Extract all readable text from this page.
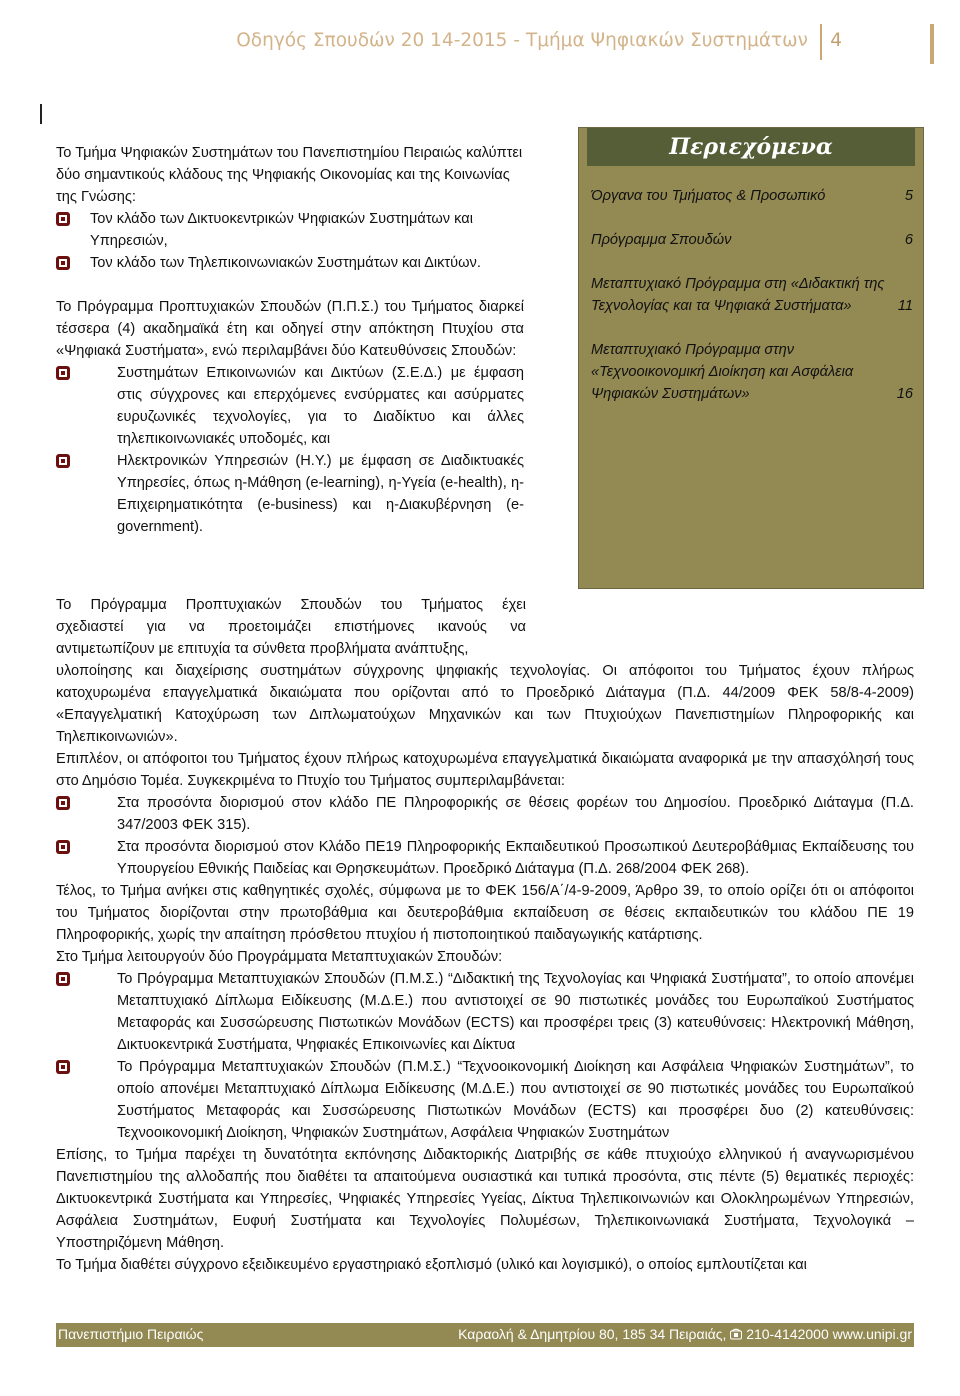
Οδηγός Σπουδών 20 14-2015 - Τμήμα Ψηφιακών Συστημάτων 4

Το Τμήμα Ψηφιακών Συστημάτων του Πανεπιστημίου Πειραιώς καλύπτει δύο σημαντικούς κλάδους της Ψηφιακής Οικονομίας και της Κοινωνίας της Γνώσης:

Τον κλάδο των Δικτυοκεντρικών Ψηφιακών Συστημάτων και Υπηρεσιών,
Τον κλάδο των Τηλεπικοινωνιακών Συστημάτων και Δικτύων.

Το Πρόγραμμα Προπτυχιακών Σπουδών (Π.Π.Σ.) του Τμήματος διαρκεί τέσσερα (4) ακαδημαϊκά έτη και οδηγεί στην απόκτηση Πτυχίου στα «Ψηφιακά Συστήματα», ενώ περιλαμβάνει δύο Κατευθύνσεις Σπουδών:

Συστημάτων Επικοινωνιών και Δικτύων (Σ.Ε.Δ.) με έμφαση στις σύγχρονες και επερχόμενες ενσύρματες και ασύρματες ευρυζωνικές τεχνολογίες, για το Διαδίκτυο και άλλες τηλεπικοινωνιακές υποδομές, και

Ηλεκτρονικών Υπηρεσιών (Η.Υ.) με έμφαση σε Διαδικτυακές Υπηρεσίες, όπως η-Μάθηση (e-learning), η-Υγεία (e-health), η-Επιχειρηματικότητα (e-business) και η-Διακυβέρνηση (e-government).

Το Πρόγραμμα Προπτυχιακών Σπουδών του Τμήματος έχει

σχεδιαστεί για να προετοιμάζει επιστήμονες ικανούς να

αντιμετωπίζουν με επιτυχία τα σύνθετα προβλήματα ανάπτυξης,

υλοποίησης και διαχείρισης συστημάτων σύγχρονης ψηφιακής τεχνολογίας. Οι απόφοιτοι του Τμήματος έχουν πλήρως κατοχυρωμένα επαγγελματικά δικαιώματα που ορίζονται από το Προεδρικό Διάταγμα (Π.Δ. 44/2009 ΦΕΚ 58/8-4-2009) «Επαγγελματική Κατοχύρωση των Διπλωματούχων Μηχανικών και των Πτυχιούχων Πανεπιστημίων Πληροφορικής και Τηλεπικοινωνιών».

Επιπλέον, οι απόφοιτοι του Τμήματος έχουν πλήρως κατοχυρωμένα επαγγελματικά δικαιώματα αναφορικά με την απασχόλησή τους στο Δημόσιο Τομέα. Συγκεκριμένα το Πτυχίο του Τμήματος συμπεριλαμβάνεται:

Στα προσόντα διορισμού στον κλάδο ΠΕ Πληροφορικής σε θέσεις φορέων του Δημοσίου. Προεδρικό Διάταγμα (Π.Δ. 347/2003 ΦΕΚ 315).

Στα προσόντα διορισμού στον Κλάδο ΠΕ19 Πληροφορικής Εκπαιδευτικού Προσωπικού Δευτεροβάθμιας Εκπαίδευσης του Υπουργείου Εθνικής Παιδείας και Θρησκευμάτων. Προεδρικό Διάταγμα (Π.Δ. 268/2004 ΦΕΚ 268).

Τέλος, το Τμήμα ανήκει στις καθηγητικές σχολές, σύμφωνα με το ΦΕΚ 156/Α΄/4-9-2009, Άρθρο 39, το οποίο ορίζει ότι οι απόφοιτοι του Τμήματος διορίζονται στην πρωτοβάθμια και δευτεροβάθμια εκπαίδευση σε θέσεις εκπαιδευτικών του κλάδου ΠΕ 19 Πληροφορικής, χωρίς την απαίτηση πρόσθετου πτυχίου ή πιστοποιητικού παιδαγωγικής κατάρτισης.

Στο Τμήμα λειτουργούν δύο Προγράμματα Μεταπτυχιακών Σπουδών:

Το Πρόγραμμα Μεταπτυχιακών Σπουδών (Π.Μ.Σ.) “Διδακτική της Τεχνολογίας και Ψηφιακά Συστήματα”, το οποίο απονέμει Μεταπτυχιακό Δίπλωμα Ειδίκευσης (Μ.Δ.Ε.) που αντιστοιχεί σε 90 πιστωτικές μονάδες του Ευρωπαϊκού Συστήματος Μεταφοράς και Συσσώρευσης Πιστωτικών Μονάδων (ECTS) και προσφέρει τρεις (3) κατευθύνσεις: Ηλεκτρονική Μάθηση, Δικτυοκεντρικά Συστήματα, Ψηφιακές Επικοινωνίες και Δίκτυα

Το Πρόγραμμα Μεταπτυχιακών Σπουδών (Π.Μ.Σ.) “Τεχνοοικονομική Διοίκηση και Ασφάλεια Ψηφιακών Συστημάτων”, το οποίο απονέμει Μεταπτυχιακό Δίπλωμα Ειδίκευσης (Μ.Δ.Ε.) που αντιστοιχεί σε 90 πιστωτικές μονάδες του Ευρωπαϊκού Συστήματος Μεταφοράς και Συσσώρευσης Πιστωτικών Μονάδων (ECTS) και προσφέρει δυο (2) κατευθύνσεις: Τεχνοοικονομική Διοίκηση, Ψηφιακών Συστημάτων, Ασφάλεια Ψηφιακών Συστημάτων

Επίσης, το Τμήμα παρέχει τη δυνατότητα εκπόνησης Διδακτορικής Διατριβής σε κάθε πτυχιούχο ελληνικού ή αναγνωρισμένου Πανεπιστημίου της αλλοδαπής που διαθέτει τα απαιτούμενα ουσιαστικά και τυπικά προσόντα, στις πέντε (5) θεματικές περιοχές: Δικτυοκεντρικά Συστήματα και Υπηρεσίες, Ψηφιακές Υπηρεσίες Υγείας, Δίκτυα Τηλεπικοινωνιών και Ολοκληρωμένων Υπηρεσιών, Ασφάλεια Συστημάτων, Ευφυή Συστήματα και Τεχνολογίες Πολυμέσων, Τηλεπικοινωνιακά Συστήματα, Τεχνολογικά – Υποστηριζόμενη Μάθηση.

Το Τμήμα διαθέτει σύγχρονο εξειδικευμένο εργαστηριακό εξοπλισμό (υλικό και λογισμικό), ο οποίος εμπλουτίζεται και

Περιεχόμενα
Όργανα του Τμήματος & Προσωπικό	5
Πρόγραμμα Σπουδών	6
Μεταπτυχιακό Πρόγραμμα στη «Διδακτική της Τεχνολογίας και τα Ψηφιακά Συστήματα»	11
Μεταπτυχιακό Πρόγραμμα στην «Τεχνοοικονομική Διοίκηση και Ασφάλεια Ψηφιακών Συστημάτων»	16
Πανεπιστήμιο Πειραιώς	Καραολή & Δημητρίου 80, 185 34 Πειραιάς, 210-4142000 www.unipi.gr
